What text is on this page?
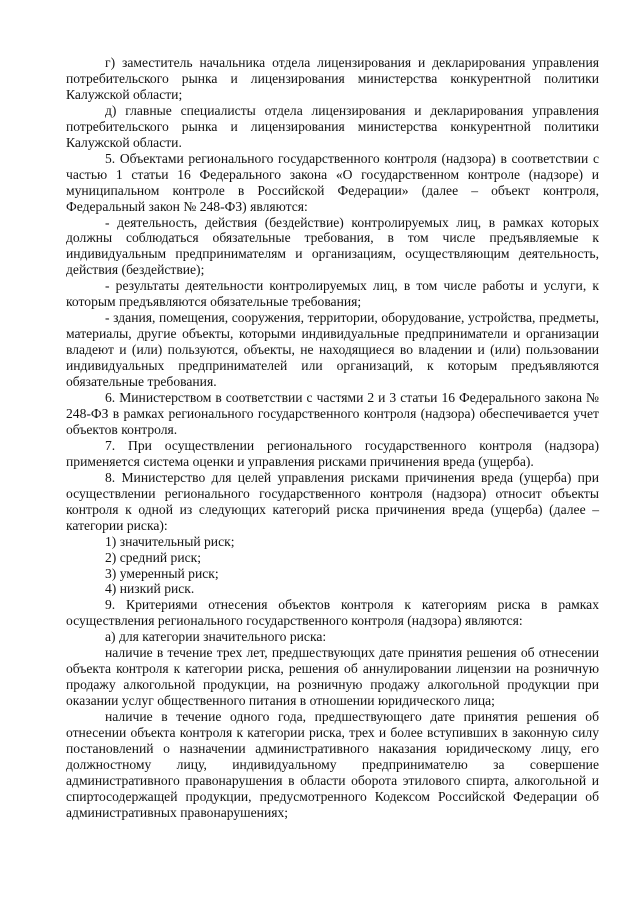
г) заместитель начальника отдела лицензирования и декларирования управления потребительского рынка и лицензирования министерства конкурентной политики Калужской области;

д) главные специалисты отдела лицензирования и декларирования управления потребительского рынка и лицензирования министерства конкурентной политики Калужской области.

5. Объектами регионального государственного контроля (надзора) в соответствии с частью 1 статьи 16 Федерального закона «О государственном контроле (надзоре) и муниципальном контроле в Российской Федерации» (далее – объект контроля, Федеральный закон № 248-ФЗ) являются:

- деятельность, действия (бездействие) контролируемых лиц, в рамках которых должны соблюдаться обязательные требования, в том числе предъявляемые к индивидуальным предпринимателям и организациям, осуществляющим деятельность, действия (бездействие);

- результаты деятельности контролируемых лиц, в том числе работы и услуги, к которым предъявляются обязательные требования;

- здания, помещения, сооружения, территории, оборудование, устройства, предметы, материалы, другие объекты, которыми индивидуальные предприниматели и организации владеют и (или) пользуются, объекты, не находящиеся во владении и (или) пользовании индивидуальных предпринимателей или организаций, к которым предъявляются обязательные требования.

6. Министерством в соответствии с частями 2 и 3 статьи 16 Федерального закона № 248-ФЗ в рамках регионального государственного контроля (надзора) обеспечивается учет объектов контроля.

7. При осуществлении регионального государственного контроля (надзора) применяется система оценки и управления рисками причинения вреда (ущерба).

8. Министерство для целей управления рисками причинения вреда (ущерба) при осуществлении регионального государственного контроля (надзора) относит объекты контроля к одной из следующих категорий риска причинения вреда (ущерба) (далее – категории риска):

1) значительный риск;

2) средний риск;

3) умеренный риск;

4) низкий риск.

9. Критериями отнесения объектов контроля к категориям риска в рамках осуществления регионального государственного контроля (надзора) являются:

а) для категории значительного риска:

наличие в течение трех лет, предшествующих дате принятия решения об отнесении объекта контроля к категории риска, решения об аннулировании лицензии на розничную продажу алкогольной продукции, на розничную продажу алкогольной продукции при оказании услуг общественного питания в отношении юридического лица;

наличие в течение одного года, предшествующего дате принятия решения об отнесении объекта контроля к категории риска, трех и более вступивших в законную силу постановлений о назначении административного наказания юридическому лицу, его должностному лицу, индивидуальному предпринимателю за совершение административного правонарушения в области оборота этилового спирта, алкогольной и спиртосодержащей продукции, предусмотренного Кодексом Российской Федерации об административных правонарушениях;
